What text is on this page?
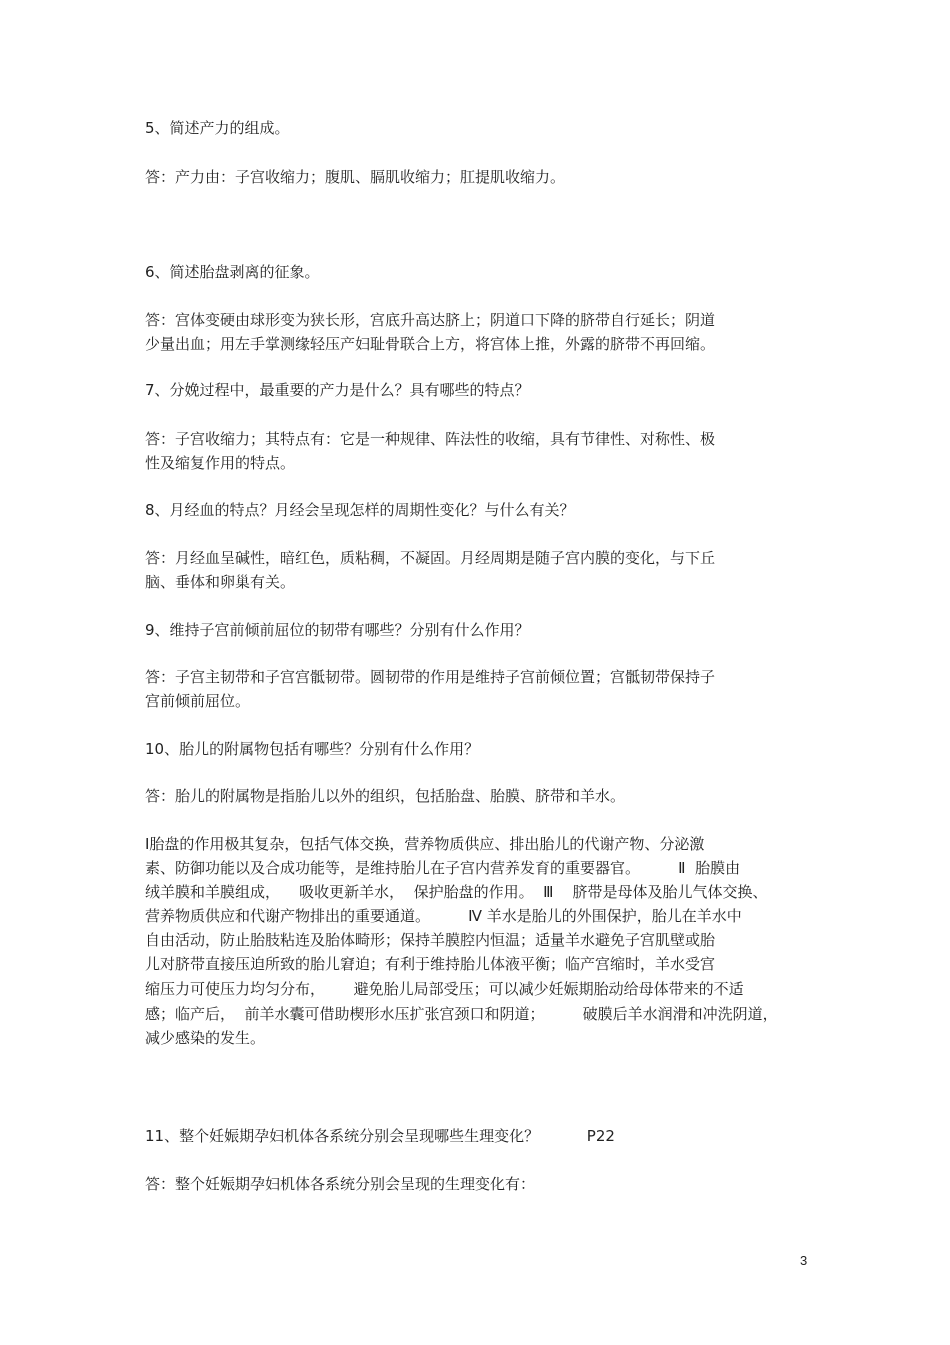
5、简述产力的组成。
答：产力由：子宫收缩力；腹肌、膈肌收缩力；肛提肌收缩力。
6、简述胎盘剥离的征象。
答：宫体变硬由球形变为狭长形，宫底升高达脐上；阴道口下降的脐带自行延长；阴道
少量出血；用左手掌测缘轻压产妇耻骨联合上方，将宫体上推，外露的脐带不再回缩。
7、分娩过程中，最重要的产力是什么？具有哪些的特点？
答：子宫收缩力；其特点有：它是一种规律、阵法性的收缩，具有节律性、对称性、极
性及缩复作用的特点。
8、月经血的特点？月经会呈现怎样的周期性变化？与什么有关？
答：月经血呈碱性，暗红色，质粘稠，不凝固。月经周期是随子宫内膜的变化，与下丘
脑、垂体和卵巢有关。
9、维持子宫前倾前屈位的韧带有哪些？分别有什么作用？
答：子宫主韧带和子宫宫骶韧带。圆韧带的作用是维持子宫前倾位置；宫骶韧带保持子
宫前倾前屈位。
10、胎儿的附属物包括有哪些？分别有什么作用？
答：胎儿的附属物是指胎儿以外的组织，包括胎盘、胎膜、脐带和羊水。
Ⅰ胎盘的作用极其复杂，包括气体交换，营养物质供应、排出胎儿的代谢产物、分泌激
素、防御功能以及合成功能等，是维持胎儿在子宫内营养发育的重要器官。        Ⅱ  胎膜由
绒羊膜和羊膜组成，    吸收更新羊水，  保护胎盘的作用。  Ⅲ    脐带是母体及胎儿气体交换、
营养物质供应和代谢产物排出的重要通道。        Ⅳ 羊水是胎儿的外围保护，胎儿在羊水中
自由活动，防止胎肢粘连及胎体畸形；保持羊膜腔内恒温；适量羊水避免子宫肌壁或胎
儿对脐带直接压迫所致的胎儿窘迫；有利于维持胎儿体液平衡；临产宫缩时，羊水受宫
缩压力可使压力均匀分布，      避免胎儿局部受压；可以减少妊娠期胎动给母体带来的不适
感；临产后，  前羊水囊可借助楔形水压扩张宫颈口和阴道；        破膜后羊水润滑和冲洗阴道，
减少感染的发生。
11、整个妊娠期孕妇机体各系统分别会呈现哪些生理变化？          P22
答：整个妊娠期孕妇机体各系统分别会呈现的生理变化有：
3
